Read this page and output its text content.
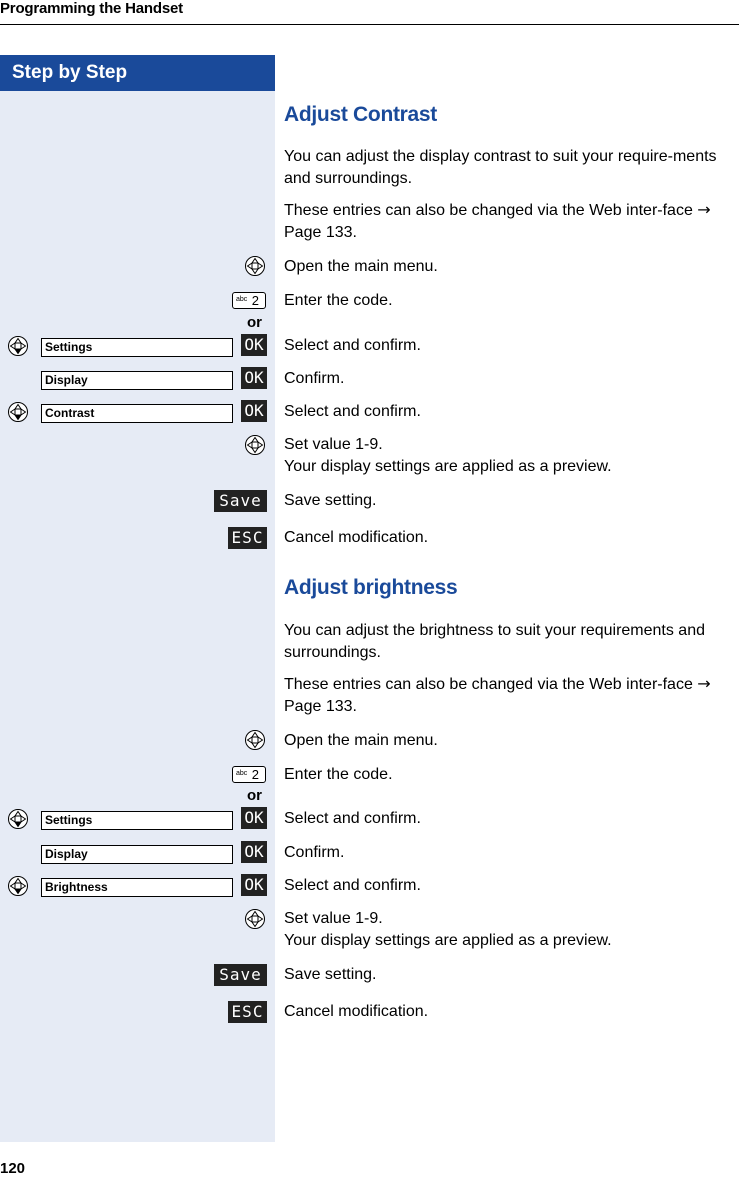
Programming the Handset
Step by Step
120
Adjust Contrast
You can adjust the display contrast to suit your require-ments and surroundings.
These entries can also be changed via the Web inter-face → Page 133.
Open the main menu.
abc 2 Enter the code.
or
Settings	OK Select and confirm.
Display	OK Confirm.
Contrast	OK Select and confirm.
Set value 1-9.
Your display settings are applied as a preview.
Save	Save setting.
ESC Cancel modification.
Adjust brightness
You can adjust the brightness to suit your requirements and surroundings.
These entries can also be changed via the Web inter-face → Page 133.
Open the main menu.
abc 2 Enter the code.
or
Settings	OK Select and confirm.
Display	OK Confirm.
Brightness	OK Select and confirm.
Set value 1-9.
Your display settings are applied as a preview.
Save	Save setting.
ESC Cancel modification.
